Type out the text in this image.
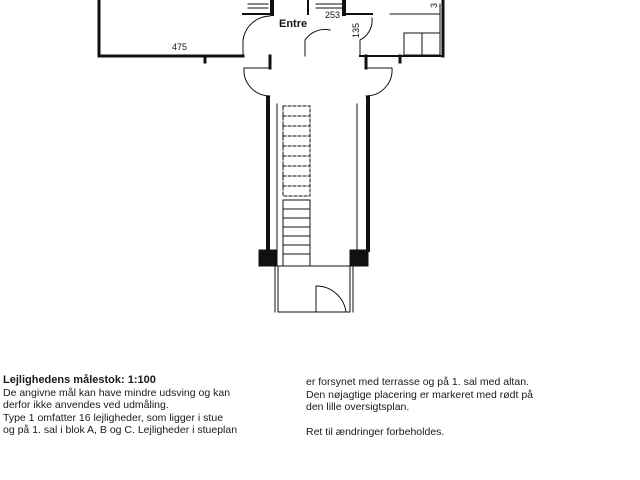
Entre
253
135
475
3

Lejlighedens målestok: 1:100

De angivne mål kan have mindre udsving og kan

derfor ikke anvendes ved udmåling.

Type 1 omfatter 16 lejligheder, som ligger i stue

og på 1. sal i blok A, B og C. Lejligheder i stueplan

er forsynet med terrasse og på 1. sal med altan.

Den nøjagtige placering er markeret med rødt på

den lille oversigtsplan.

Ret til ændringer forbeholdes.
